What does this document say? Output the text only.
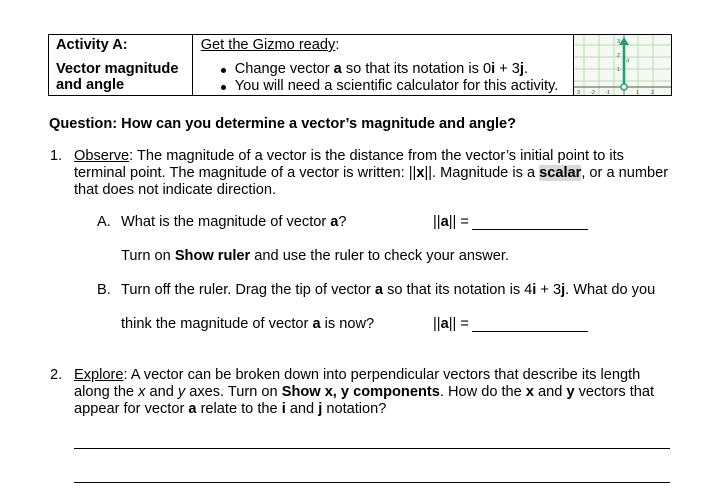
Activity A:
Vector magnitude
and angle

Get the Gizmo ready:
Change vector a so that its notation is 0i + 3j.
You will need a scientific calculator for this activity.

a
3 -2 -1	1 2
3
2
1
Question: How can you determine a vector’s magnitude and angle?
1. Observe: The magnitude of a vector is the distance from the vector’s initial point to its
terminal point. The magnitude of a vector is written: ||x||. Magnitude is a scalar, or a number
that does not indicate direction.
A. What is the magnitude of vector a?	||a|| =
Turn on Show ruler and use the ruler to check your answer.
B. Turn off the ruler. Drag the tip of vector a so that its notation is 4i + 3j. What do you
think the magnitude of vector a is now?	||a|| =
2. Explore: A vector can be broken down into perpendicular vectors that describe its length
along the x and y axes. Turn on Show x, y components. How do the x and y vectors that
appear for vector a relate to the i and j notation?
